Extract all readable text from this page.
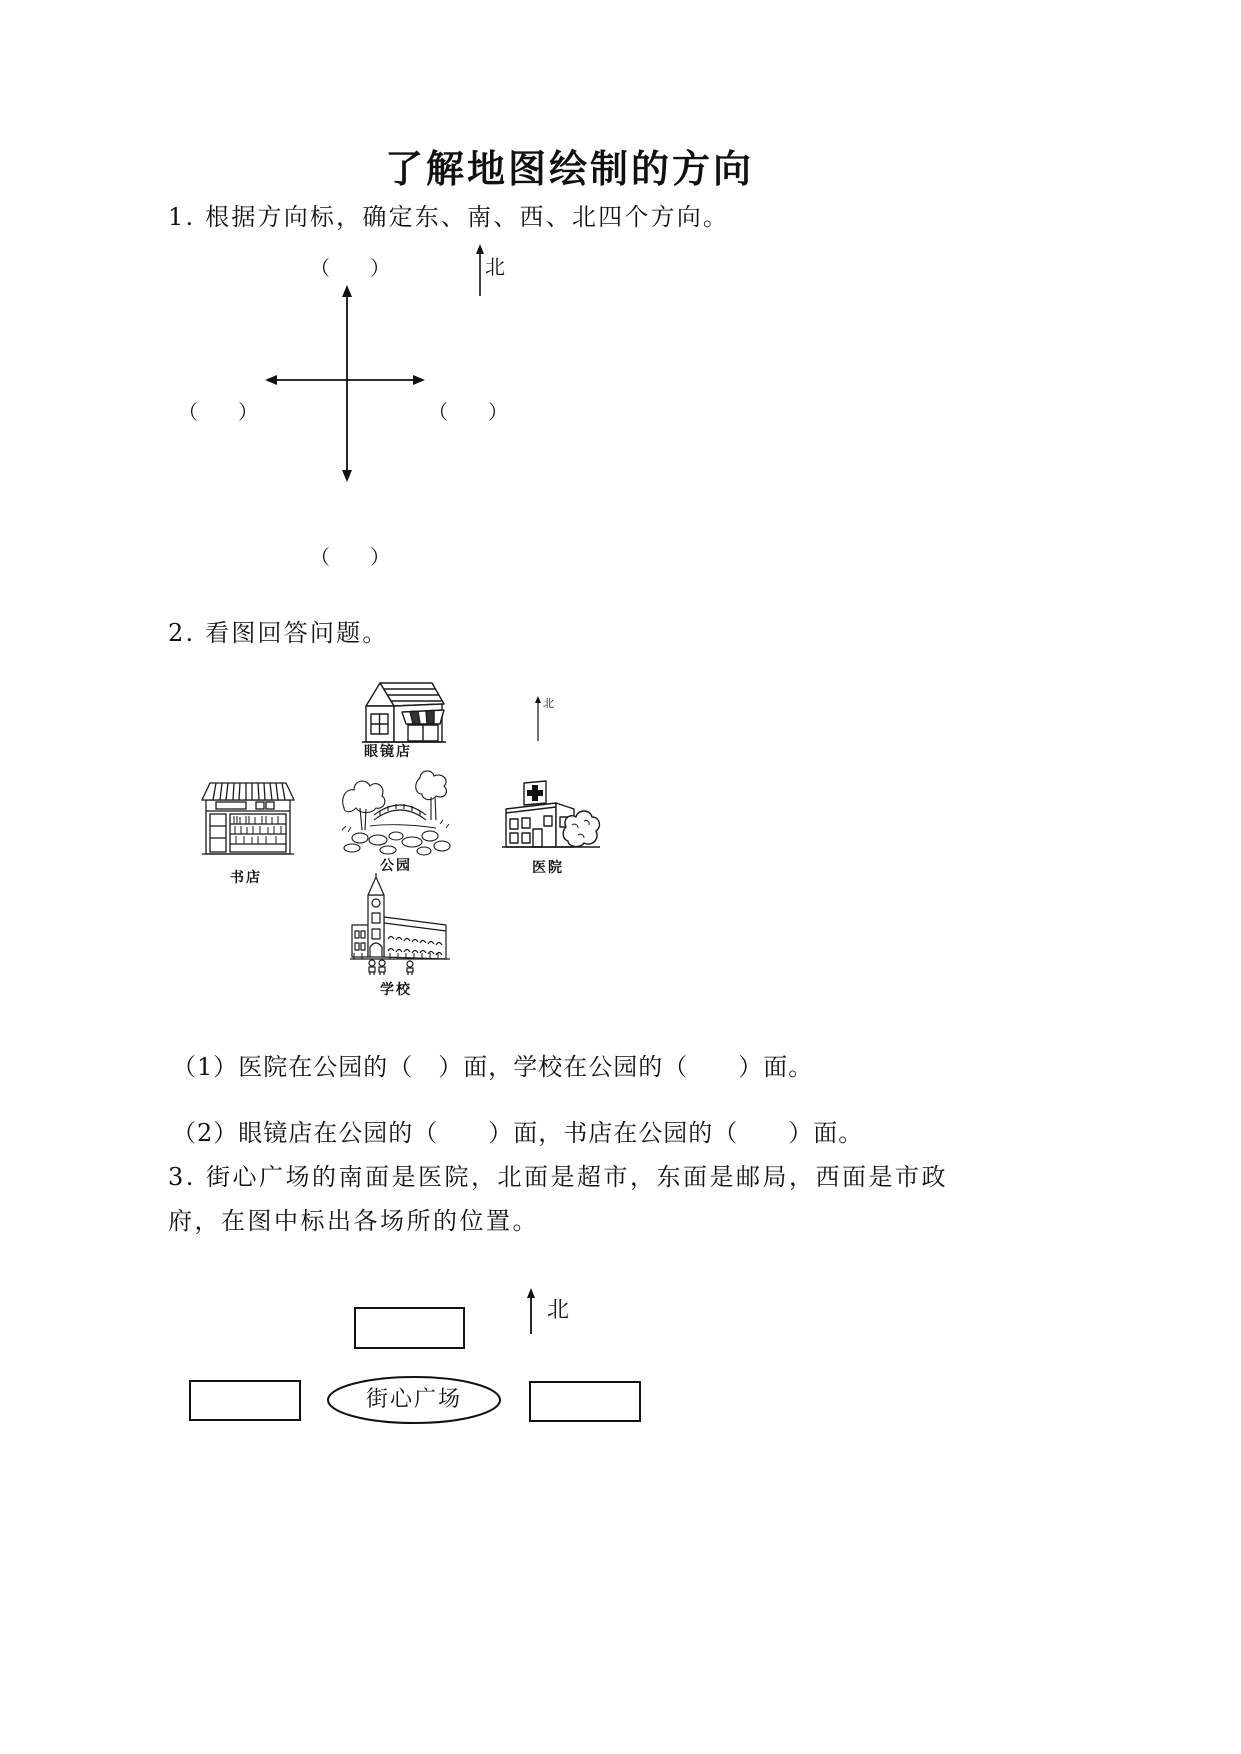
了解地图绘制的方向
1. 根据方向标，确定东、南、西、北四个方向。
北
（　　）
（　　）	（　　）
（　　）
2. 看图回答问题。
眼镜店
北
书店
公园	医院
学校
（1）医院在公园的（　）面，学校在公园的（　　）面。
（2）眼镜店在公园的（　　）面，书店在公园的（　　）面。
3. 街心广场的南面是医院，北面是超市，东面是邮局，西面是市政
府，在图中标出各场所的位置。
北
街心广场
